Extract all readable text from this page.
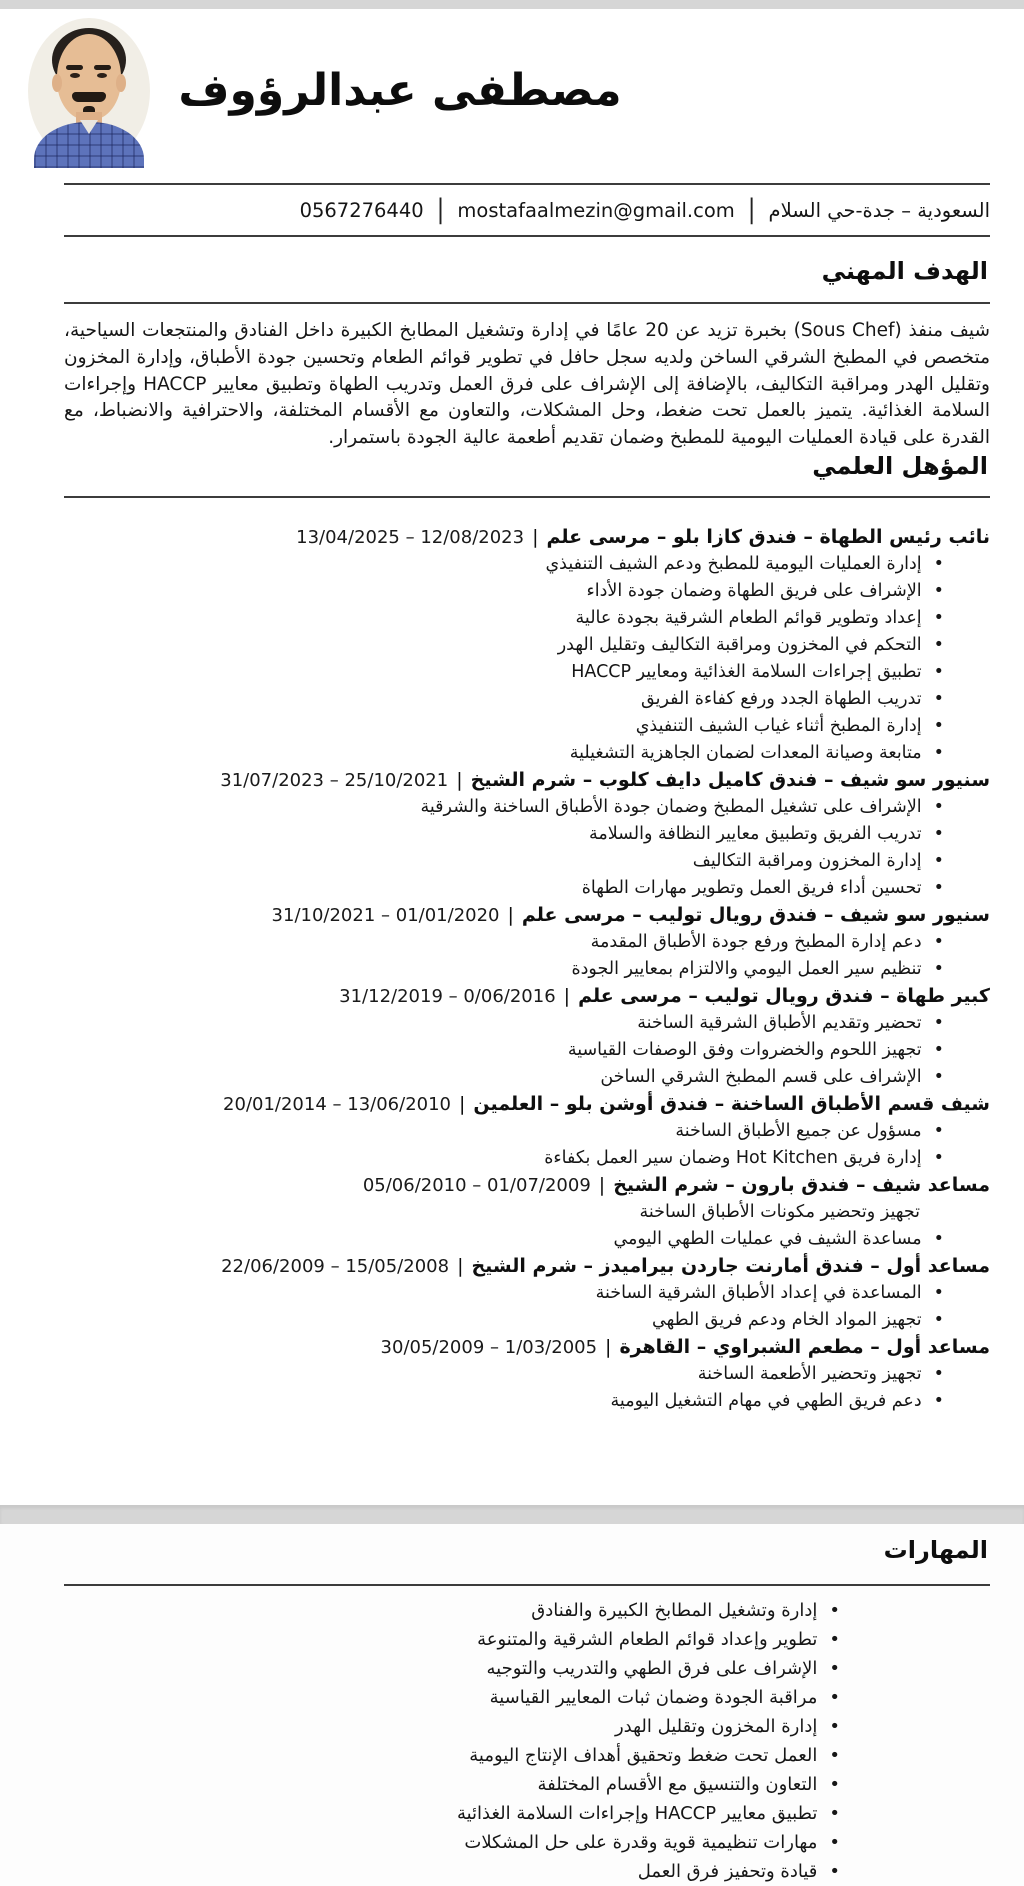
مصطفى عبدالرؤوف
السعودية – جدة-حي السلام
|
mostafaalmezin@gmail.com
|
0567276440
الهدف المهني

شيف منفذ (Sous Chef) بخبرة تزيد عن 20 عامًا في إدارة وتشغيل المطابخ الكبيرة داخل الفنادق والمنتجعات السياحية، متخصص في المطبخ الشرقي الساخن ولديه سجل حافل في تطوير قوائم الطعام وتحسين جودة الأطباق، وإدارة المخزون وتقليل الهدر ومراقبة التكاليف، بالإضافة إلى الإشراف على فرق العمل وتدريب الطهاة وتطبيق معايير HACCP وإجراءات السلامة الغذائية. يتميز بالعمل تحت ضغط، وحل المشكلات، والتعاون مع الأقسام المختلفة، والاحترافية والانضباط، مع القدرة على قيادة العمليات اليومية للمطبخ وضمان تقديم أطعمة عالية الجودة باستمرار.

المؤهل العلمي
نائب رئيس الطهاة – فندق كازا بلو – مرسى علم|12/08/2023 – 13/04/2025
•
إدارة العمليات اليومية للمطبخ ودعم الشيف التنفيذي
•
الإشراف على فريق الطهاة وضمان جودة الأداء
•
إعداد وتطوير قوائم الطعام الشرقية بجودة عالية
•
التحكم في المخزون ومراقبة التكاليف وتقليل الهدر
•
تطبيق إجراءات السلامة الغذائية ومعايير HACCP
•
تدريب الطهاة الجدد ورفع كفاءة الفريق
•
إدارة المطبخ أثناء غياب الشيف التنفيذي
•
متابعة وصيانة المعدات لضمان الجاهزية التشغيلية
سنيور سو شيف – فندق كاميل دايف كلوب – شرم الشيخ|25/10/2021 – 31/07/2023
•
الإشراف على تشغيل المطبخ وضمان جودة الأطباق الساخنة والشرقية
•
تدريب الفريق وتطبيق معايير النظافة والسلامة
•
إدارة المخزون ومراقبة التكاليف
•
تحسين أداء فريق العمل وتطوير مهارات الطهاة
سنيور سو شيف – فندق رويال توليب – مرسى علم|01/01/2020 – 31/10/2021
•
دعم إدارة المطبخ ورفع جودة الأطباق المقدمة
•
تنظيم سير العمل اليومي والالتزام بمعايير الجودة
كبير طهاة – فندق رويال توليب – مرسى علم|0/06/2016 – 31/12/2019
•
تحضير وتقديم الأطباق الشرقية الساخنة
•
تجهيز اللحوم والخضروات وفق الوصفات القياسية
•
الإشراف على قسم المطبخ الشرقي الساخن
شيف قسم الأطباق الساخنة – فندق أوشن بلو – العلمين|13/06/2010 – 20/01/2014
•
مسؤول عن جميع الأطباق الساخنة
•
إدارة فريق Hot Kitchen وضمان سير العمل بكفاءة
مساعد شيف – فندق بارون – شرم الشيخ|01/07/2009 – 05/06/2010
تجهيز وتحضير مكونات الأطباق الساخنة
•
مساعدة الشيف في عمليات الطهي اليومي
مساعد أول – فندق أمارنت جاردن بيراميدز – شرم الشيخ|15/05/2008 – 22/06/2009
•
المساعدة في إعداد الأطباق الشرقية الساخنة
•
تجهيز المواد الخام ودعم فريق الطهي
مساعد أول – مطعم الشبراوي – القاهرة|1/03/2005 – 30/05/2009
•
تجهيز وتحضير الأطعمة الساخنة
•
دعم فريق الطهي في مهام التشغيل اليومية
المهارات
•
إدارة وتشغيل المطابخ الكبيرة والفنادق
•
تطوير وإعداد قوائم الطعام الشرقية والمتنوعة
•
الإشراف على فرق الطهي والتدريب والتوجيه
•
مراقبة الجودة وضمان ثبات المعايير القياسية
•
إدارة المخزون وتقليل الهدر
•
العمل تحت ضغط وتحقيق أهداف الإنتاج اليومية
•
التعاون والتنسيق مع الأقسام المختلفة
•
تطبيق معايير HACCP وإجراءات السلامة الغذائية
•
مهارات تنظيمية قوية وقدرة على حل المشكلات
•
قيادة وتحفيز فرق العمل
